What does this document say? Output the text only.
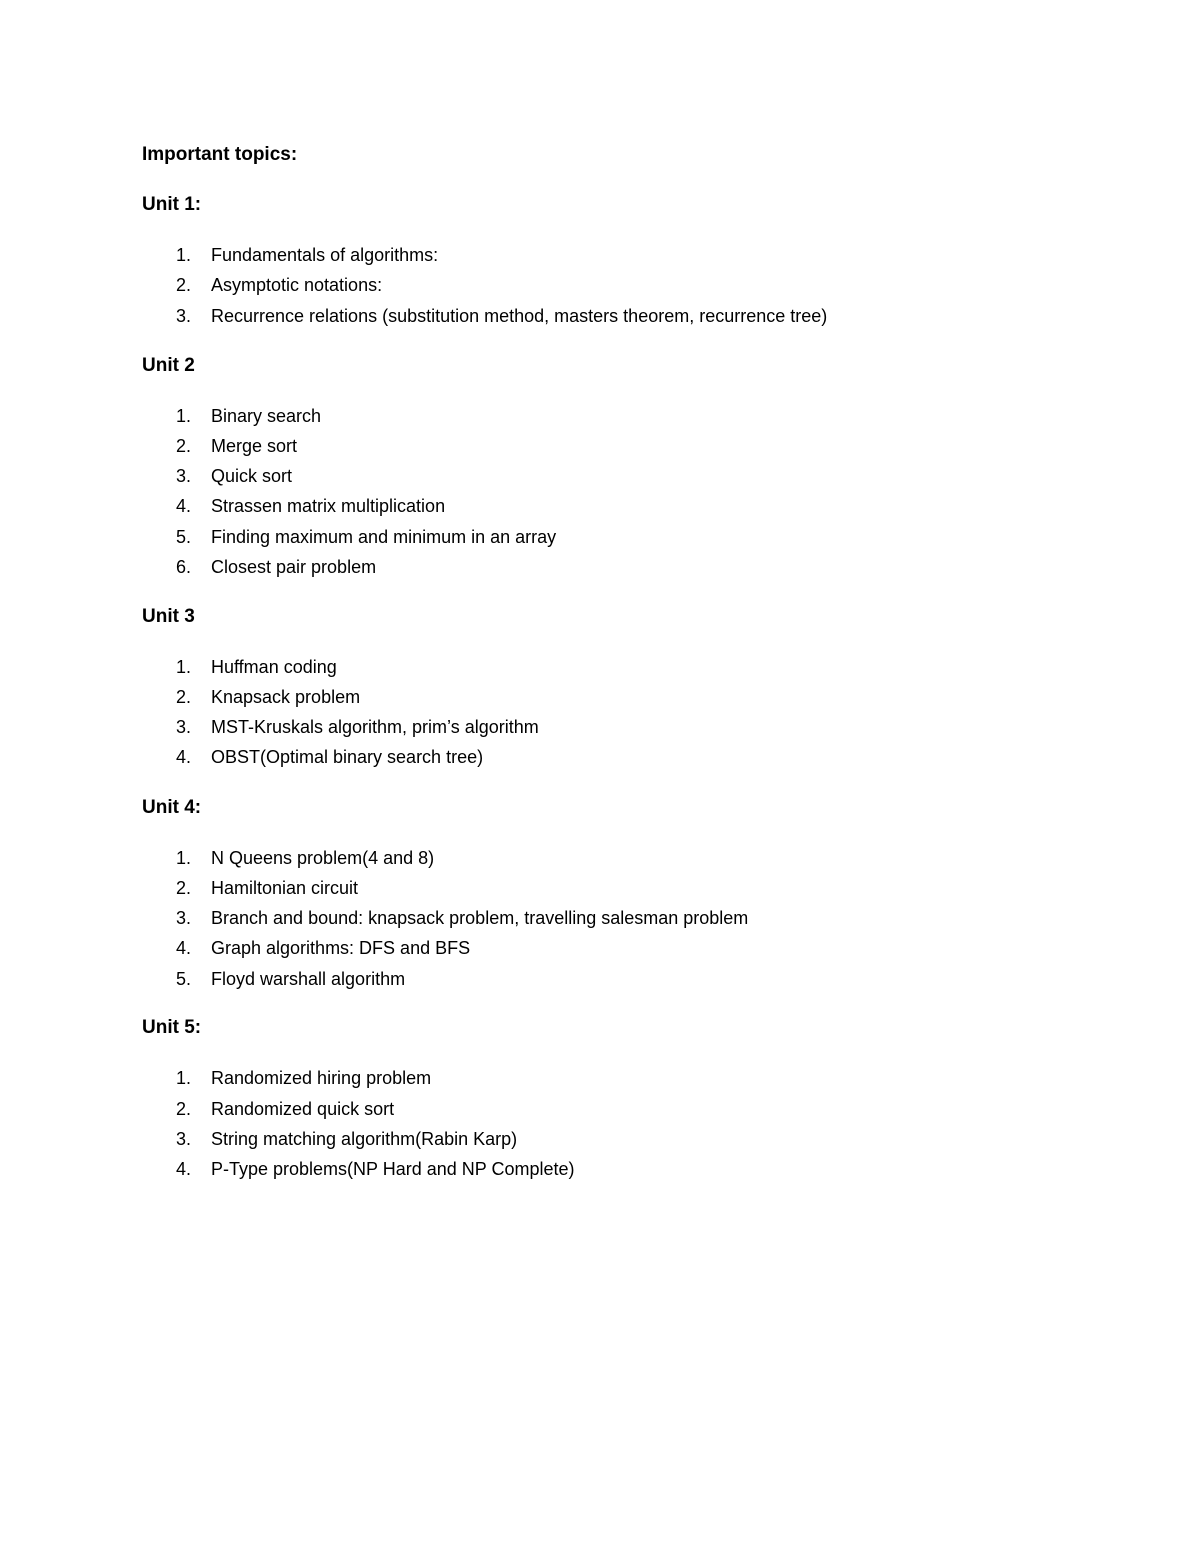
Important topics:
Unit 1:
1. Fundamentals of algorithms:
2. Asymptotic notations:
3. Recurrence relations (substitution method, masters theorem, recurrence tree)
Unit 2
1. Binary search
2. Merge sort
3. Quick sort
4. Strassen matrix multiplication
5. Finding maximum and minimum in an array
6. Closest pair problem
Unit 3
1. Huffman coding
2. Knapsack problem
3. MST-Kruskals algorithm, prim’s algorithm
4. OBST(Optimal binary search tree)
Unit 4:
1. N Queens problem(4 and 8)
2. Hamiltonian circuit
3. Branch and bound: knapsack problem, travelling salesman problem
4. Graph algorithms: DFS and BFS
5. Floyd warshall algorithm
Unit 5:
1. Randomized hiring problem
2. Randomized quick sort
3. String matching algorithm(Rabin Karp)
4. P-Type problems(NP Hard and NP Complete)
